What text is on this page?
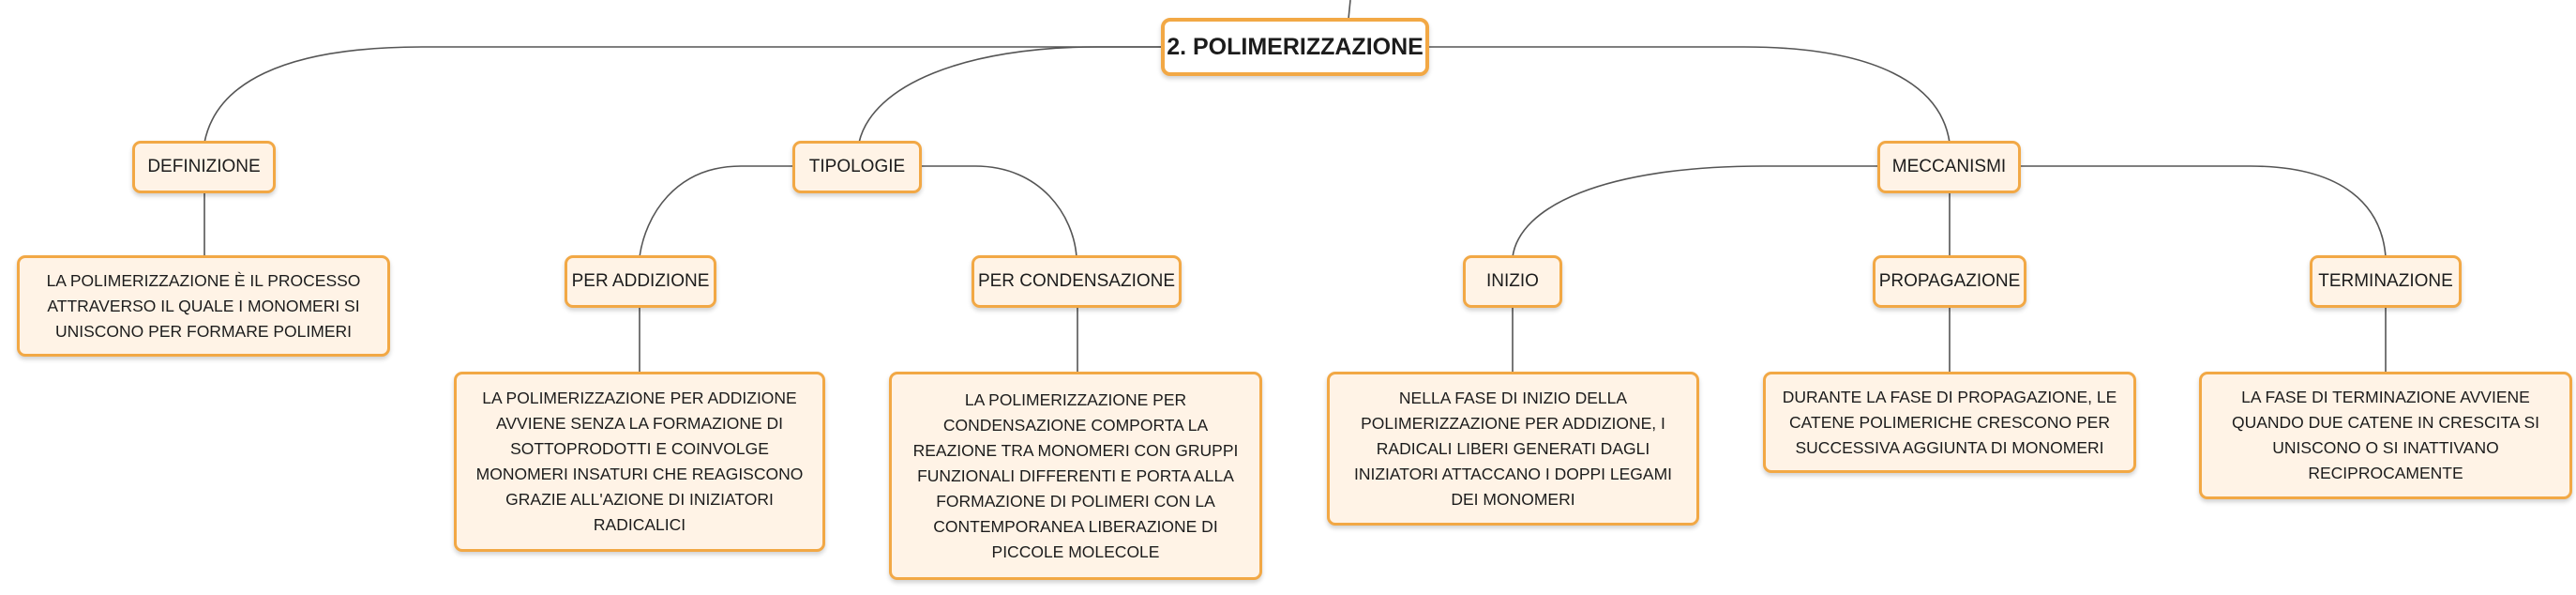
2. POLIMERIZZAZIONE
DEFINIZIONE
LA POLIMERIZZAZIONE È IL PROCESSO ATTRAVERSO IL QUALE I MONOMERI SI UNISCONO PER FORMARE POLIMERI
TIPOLOGIE
PER ADDIZIONE	PER CONDENSAZIONE
LA POLIMERIZZAZIONE PER ADDIZIONE AVVIENE SENZA LA FORMAZIONE DI SOTTOPRODOTTI E COINVOLGE MONOMERI INSATURI CHE REAGISCONO GRAZIE ALL'AZIONE DI INIZIATORI RADICALICI
LA POLIMERIZZAZIONE PER CONDENSAZIONE COMPORTA LA REAZIONE TRA MONOMERI CON GRUPPI FUNZIONALI DIFFERENTI E PORTA ALLA FORMAZIONE DI POLIMERI CON LA CONTEMPORANEA LIBERAZIONE DI PICCOLE MOLECOLE
MECCANISMI
INIZIO	PROPAGAZIONE	TERMINAZIONE
NELLA FASE DI INIZIO DELLA POLIMERIZZAZIONE PER ADDIZIONE, I RADICALI LIBERI GENERATI DAGLI INIZIATORI ATTACCANO I DOPPI LEGAMI DEI MONOMERI
DURANTE LA FASE DI PROPAGAZIONE, LE CATENE POLIMERICHE CRESCONO PER SUCCESSIVA AGGIUNTA DI MONOMERI
LA FASE DI TERMINAZIONE AVVIENE QUANDO DUE CATENE IN CRESCITA SI UNISCONO O SI INATTIVANO RECIPROCAMENTE
